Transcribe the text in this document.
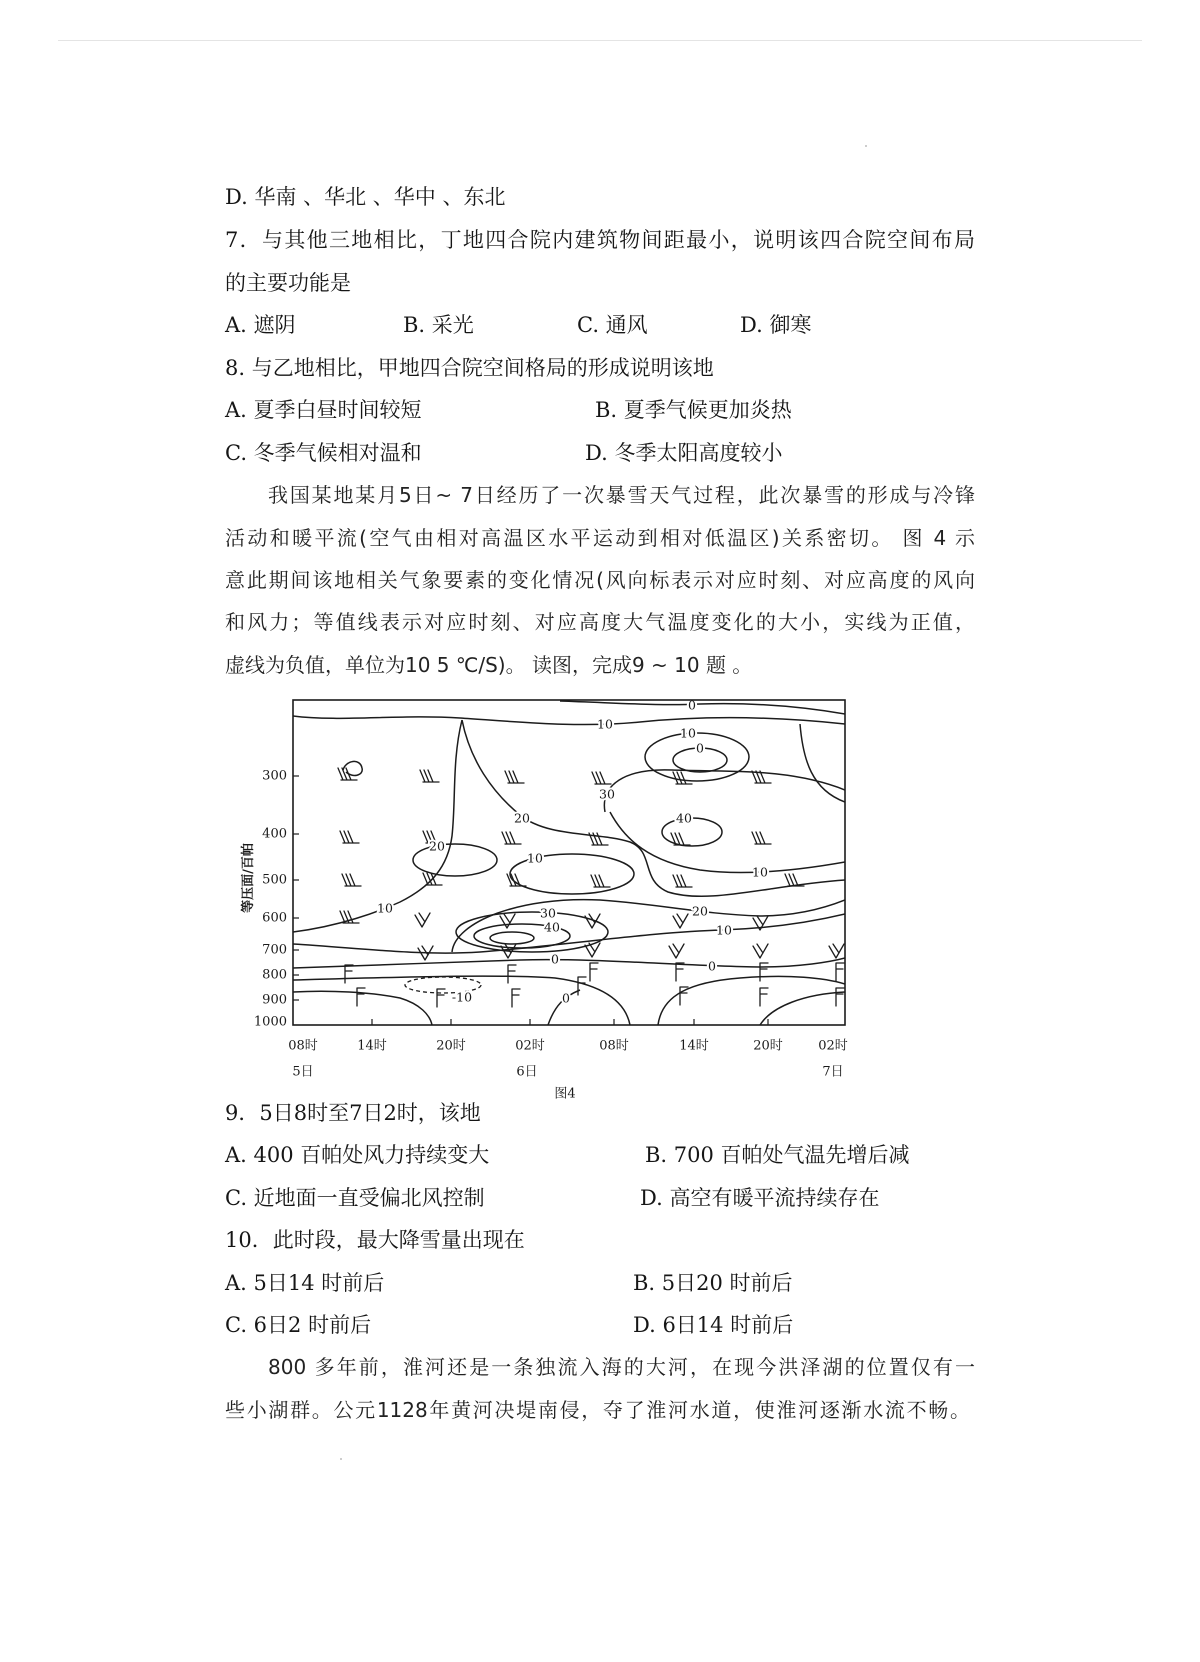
D. 华南 、华北 、华中 、东北
7．与其他三地相比，丁地四合院内建筑物间距最小，说明该四合院空间布局
的主要功能是
A. 遮阴	B. 采光	C. 通风	D. 御寒
8. 与乙地相比，甲地四合院空间格局的形成说明该地
A. 夏季白昼时间较短	B. 夏季气候更加炎热
C. 冬季气候相对温和	D. 冬季太阳高度较小
我国某地某月5日~ 7日经历了一次暴雪天气过程，此次暴雪的形成与冷锋
活动和暖平流(空气由相对高温区水平运动到相对低温区)关系密切。 图 4 示
意此期间该地相关气象要素的变化情况(风向标表示对应时刻、对应高度的风向
和风力；等值线表示对应时刻、对应高度大气温度变化的大小，实线为正值，
虚线为负值，单位为10 5 ℃/S)。 读图，完成9 ~ 10 题 。
等压面/百帕
300
400
500
600
700
800
900
1000
08时	14时	20时	02时	08时	14时	20时	02时
5日	6日	7日
图4
0
10
10
0
30
40
20
20
10
10
10	30
40
20
10
0	0
-10	0
9．5日8时至7日2时，该地
A. 400 百帕处风力持续变大	B. 700 百帕处气温先增后减
C. 近地面一直受偏北风控制	D. 高空有暖平流持续存在
10．此时段，最大降雪量出现在
A. 5日14 时前后	B. 5日20 时前后
C. 6日2 时前后	D. 6日14 时前后
800 多年前，淮河还是一条独流入海的大河，在现今洪泽湖的位置仅有一
些小湖群。公元1128年黄河决堤南侵，夺了淮河水道，使淮河逐渐水流不畅。
